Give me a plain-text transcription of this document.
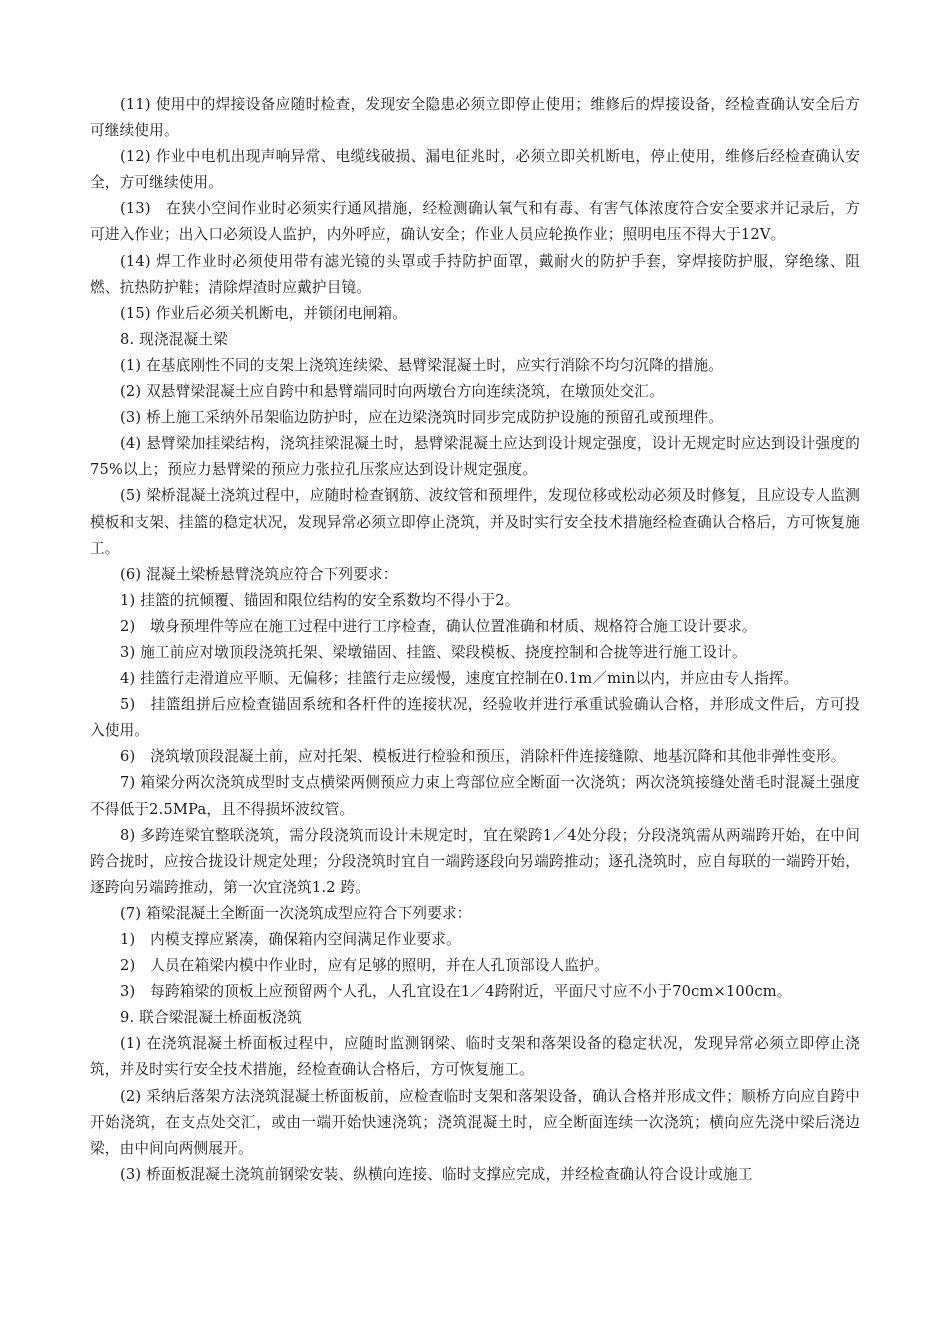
(11) 使用中的焊接设备应随时检查，发现安全隐患必须立即停止使用；维修后的焊接设备，经检查确认安全后方可继续使用。

(12) 作业中电机出现声响异常、电缆线破损、漏电征兆时，必须立即关机断电，停止使用，维修后经检查确认安全，方可继续使用。

(13)　在狭小空间作业时必须实行通风措施，经检测确认氧气和有毒、有害气体浓度符合安全要求并记录后，方可进入作业；出入口必须设人监护，内外呼应，确认安全；作业人员应轮换作业；照明电压不得大于12V。

(14) 焊工作业时必须使用带有滤光镜的头罩或手持防护面罩，戴耐火的防护手套，穿焊接防护服，穿绝缘、阻燃、抗热防护鞋；清除焊渣时应戴护目镜。

(15) 作业后必须关机断电，并锁闭电闸箱。

8. 现浇混凝土梁

(1) 在基底刚性不同的支架上浇筑连续梁、悬臂梁混凝土时，应实行消除不均匀沉降的措施。

(2) 双悬臂梁混凝土应自跨中和悬臂端同时向两墩台方向连续浇筑，在墩顶处交汇。

(3) 桥上施工采纳外吊架临边防护时，应在边梁浇筑时同步完成防护设施的预留孔或预埋件。

(4) 悬臂梁加挂梁结构，浇筑挂梁混凝土时，悬臂梁混凝土应达到设计规定强度，设计无规定时应达到设计强度的75%以上；预应力悬臂梁的预应力张拉孔压浆应达到设计规定强度。

(5) 梁桥混凝土浇筑过程中，应随时检查钢筋、波纹管和预埋件，发现位移或松动必须及时修复，且应设专人监测模板和支架、挂篮的稳定状况，发现异常必须立即停止浇筑，并及时实行安全技术措施经检查确认合格后，方可恢复施工。

(6) 混凝土梁桥悬臂浇筑应符合下列要求：

1) 挂篮的抗倾覆、锚固和限位结构的安全系数均不得小于2。

2)　墩身预埋件等应在施工过程中进行工序检查，确认位置准确和材质、规格符合施工设计要求。

3) 施工前应对墩顶段浇筑托架、梁墩锚固、挂篮、梁段模板、挠度控制和合拢等进行施工设计。

4) 挂篮行走滑道应平顺、无偏移；挂篮行走应缓慢，速度宜控制在0.1m／min以内，并应由专人指挥。

5)　挂篮组拼后应检查锚固系统和各杆件的连接状况，经验收并进行承重试验确认合格，并形成文件后，方可投入使用。

6)　浇筑墩顶段混凝土前，应对托架、模板进行检验和预压，消除杆件连接缝隙、地基沉降和其他非弹性变形。

7) 箱梁分两次浇筑成型时支点横梁两侧预应力束上弯部位应全断面一次浇筑；两次浇筑接缝处凿毛时混凝土强度不得低于2.5MPa，且不得损坏波纹管。

8) 多跨连梁宜整联浇筑，需分段浇筑而设计未规定时，宜在梁跨1／4处分段；分段浇筑需从两端跨开始，在中间跨合拢时，应按合拢设计规定处理；分段浇筑时宜自一端跨逐段向另端跨推动；逐孔浇筑时，应自每联的一端跨开始，逐跨向另端跨推动，第一次宜浇筑1.2 跨。

(7) 箱梁混凝土全断面一次浇筑成型应符合下列要求：

1)　内模支撑应紧凑，确保箱内空间满足作业要求。

2)　人员在箱梁内模中作业时，应有足够的照明，并在人孔顶部设人监护。

3)　每跨箱梁的顶板上应预留两个人孔，人孔宜设在1／4跨附近，平面尺寸应不小于70cm×100cm。

9. 联合梁混凝土桥面板浇筑

(1) 在浇筑混凝土桥面板过程中，应随时监测钢梁、临时支架和落架设备的稳定状况，发现异常必须立即停止浇筑，并及时实行安全技术措施，经检查确认合格后，方可恢复施工。

(2) 采纳后落架方法浇筑混凝土桥面板前，应检查临时支架和落架设备，确认合格并形成文件；顺桥方向应自跨中开始浇筑，在支点处交汇，或由一端开始快速浇筑；浇筑混凝土时，应全断面连续一次浇筑；横向应先浇中梁后浇边梁，由中间向两侧展开。

(3) 桥面板混凝土浇筑前钢梁安装、纵横向连接、临时支撑应完成，并经检查确认符合设计或施工
